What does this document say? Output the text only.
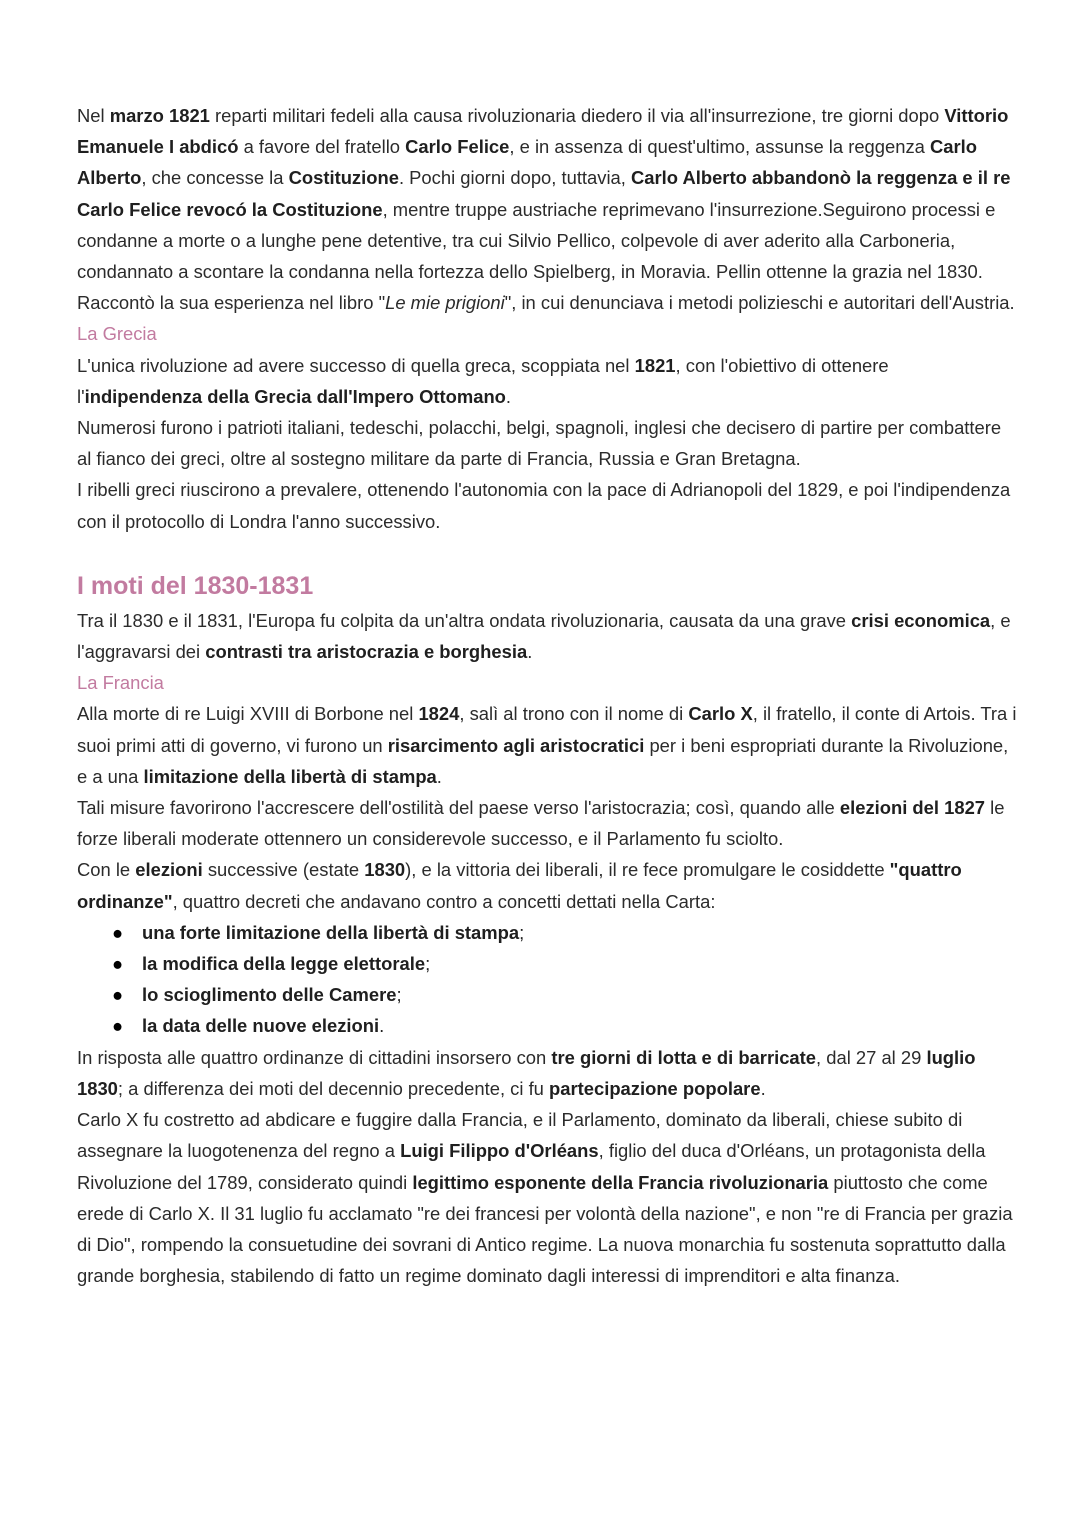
Nel marzo 1821 reparti militari fedeli alla causa rivoluzionaria diedero il via all'insurrezione, tre giorni dopo Vittorio Emanuele I abdicó a favore del fratello Carlo Felice, e in assenza di quest'ultimo, assunse la reggenza Carlo Alberto, che concesse la Costituzione. Pochi giorni dopo, tuttavia, Carlo Alberto abbandonò la reggenza e il re Carlo Felice revocó la Costituzione, mentre truppe austriache reprimevano l'insurrezione.Seguirono processi e condanne a morte o a lunghe pene detentive, tra cui Silvio Pellico, colpevole di aver aderito alla Carboneria, condannato a scontare la condanna nella fortezza dello Spielberg, in Moravia. Pellin ottenne la grazia nel 1830. Raccontò la sua esperienza nel libro "Le mie prigioni", in cui denunciava i metodi polizieschi e autoritari dell'Austria.

La Grecia

L'unica rivoluzione ad avere successo di quella greca, scoppiata nel 1821, con l'obiettivo di ottenere l'indipendenza della Grecia dall'Impero Ottomano.

Numerosi furono i patrioti italiani, tedeschi, polacchi, belgi, spagnoli, inglesi che decisero di partire per combattere al fianco dei greci, oltre al sostegno militare da parte di Francia, Russia e Gran Bretagna.

I ribelli greci riuscirono a prevalere, ottenendo l'autonomia con la pace di Adrianopoli del 1829, e poi l'indipendenza con il protocollo di Londra l'anno successivo.

I moti del 1830-1831

Tra il 1830 e il 1831, l'Europa fu colpita da un'altra ondata rivoluzionaria, causata da una grave crisi economica, e l'aggravarsi dei contrasti tra aristocrazia e borghesia.

La Francia

Alla morte di re Luigi XVIII di Borbone nel 1824, salì al trono con il nome di Carlo X, il fratello, il conte di Artois. Tra i suoi primi atti di governo, vi furono un risarcimento agli aristocratici per i beni espropriati durante la Rivoluzione, e a una limitazione della libertà di stampa.

Tali misure favorirono l'accrescere dell'ostilità del paese verso l'aristocrazia; così, quando alle elezioni del 1827 le forze liberali moderate ottennero un considerevole successo, e il Parlamento fu sciolto.

Con le elezioni successive (estate 1830), e la vittoria dei liberali, il re fece promulgare le cosiddette "quattro ordinanze", quattro decreti che andavano contro a concetti dettati nella Carta:

● una forte limitazione della libertà di stampa;
● la modifica della legge elettorale;
● lo scioglimento delle Camere;
● la data delle nuove elezioni.

In risposta alle quattro ordinanze di cittadini insorsero con tre giorni di lotta e di barricate, dal 27 al 29 luglio 1830; a differenza dei moti del decennio precedente, ci fu partecipazione popolare.

Carlo X fu costretto ad abdicare e fuggire dalla Francia, e il Parlamento, dominato da liberali, chiese subito di assegnare la luogotenenza del regno a Luigi Filippo d'Orléans, figlio del duca d'Orléans, un protagonista della Rivoluzione del 1789, considerato quindi legittimo esponente della Francia rivoluzionaria piuttosto che come erede di Carlo X. Il 31 luglio fu acclamato "re dei francesi per volontà della nazione", e non "re di Francia per grazia di Dio", rompendo la consuetudine dei sovrani di Antico regime. La nuova monarchia fu sostenuta soprattutto dalla grande borghesia, stabilendo di fatto un regime dominato dagli interessi di imprenditori e alta finanza.
